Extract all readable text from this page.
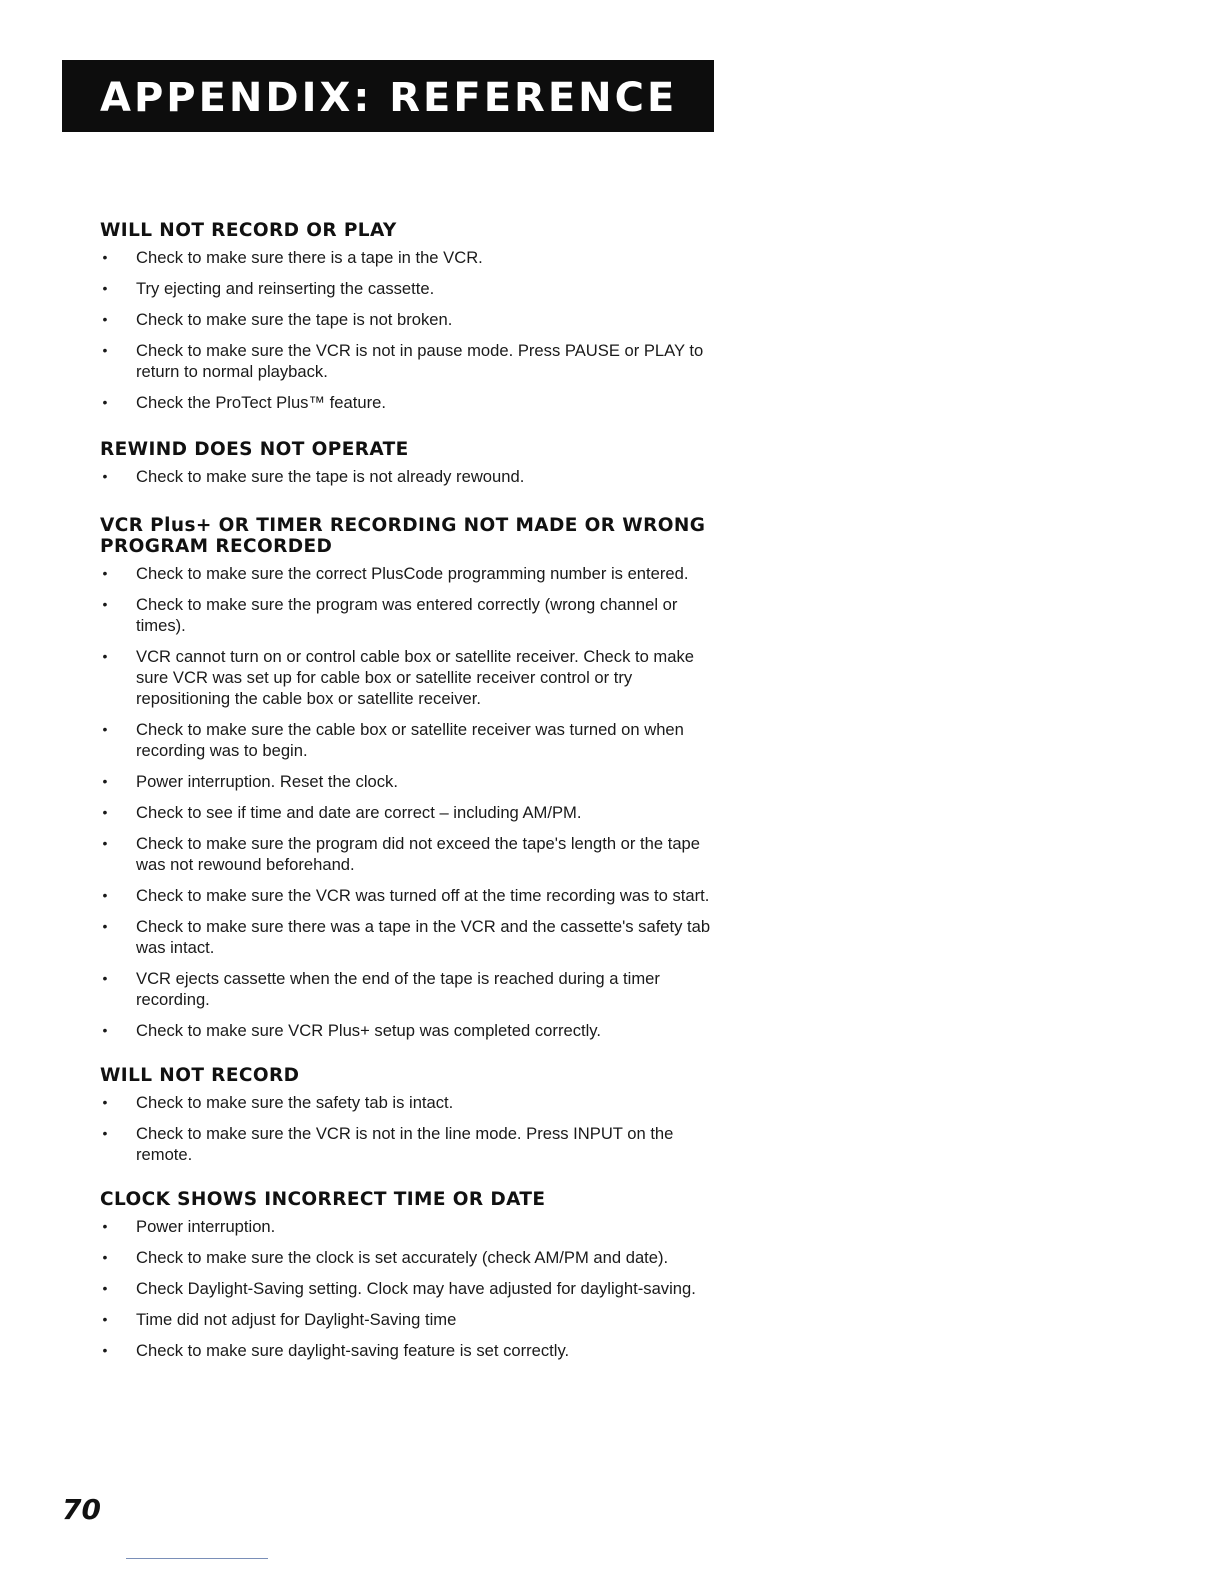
APPENDIX: REFERENCE
WILL NOT RECORD OR PLAY
• Check to make sure there is a tape in the VCR.
• Try ejecting and reinserting the cassette.
• Check to make sure the tape is not broken.
• Check to make sure the VCR is not in pause mode. Press PAUSE or PLAY to return to normal playback.
• Check the ProTect Plus™ feature.
REWIND DOES NOT OPERATE
• Check to make sure the tape is not already rewound.
VCR Plus+ OR TIMER RECORDING NOT MADE OR WRONG PROGRAM RECORDED
• Check to make sure the correct PlusCode programming number is entered.
• Check to make sure the program was entered correctly (wrong channel or times).
• VCR cannot turn on or control cable box or satellite receiver. Check to make sure VCR was set up for cable box or satellite receiver control or try repositioning the cable box or satellite receiver.
• Check to make sure the cable box or satellite receiver was turned on when recording was to begin.
• Power interruption. Reset the clock.
• Check to see if time and date are correct – including AM/PM.
• Check to make sure the program did not exceed the tape's length or the tape was not rewound beforehand.
• Check to make sure the VCR was turned off at the time recording was to start.
• Check to make sure there was a tape in the VCR and the cassette's safety tab was intact.
• VCR ejects cassette when the end of the tape is reached during a timer recording.
• Check to make sure VCR Plus+ setup was completed correctly.
WILL NOT RECORD
• Check to make sure the safety tab is intact.
• Check to make sure the VCR is not in the line mode. Press INPUT on the remote.
CLOCK SHOWS INCORRECT TIME OR DATE
• Power interruption.
• Check to make sure the clock is set accurately (check AM/PM and date).
• Check Daylight-Saving setting. Clock may have adjusted for daylight-saving.
• Time did not adjust for Daylight-Saving time
• Check to make sure daylight-saving feature is set correctly.
70
